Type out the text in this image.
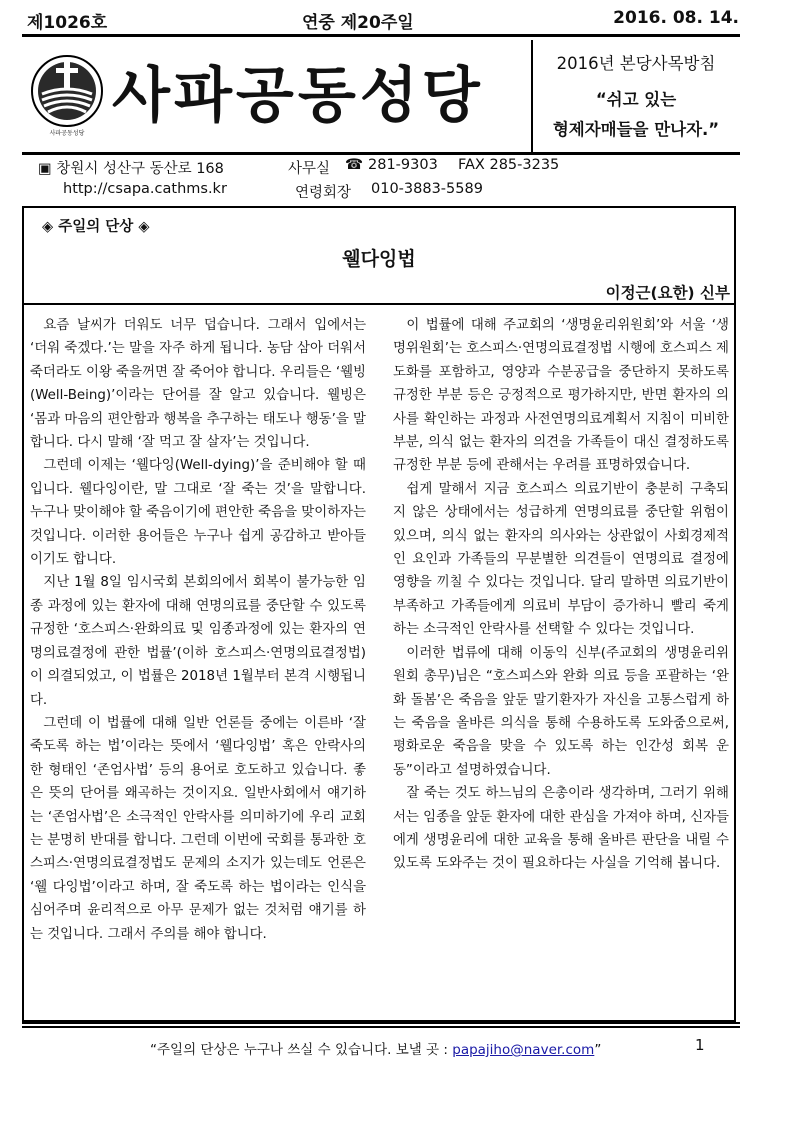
제1026호	연중 제20주일	2016. 08. 14.
사파공동성당
사파공동성당	2016년 본당사목방침
“쉬고 있는
형제자매들을 만나자.”
▣ 창원시 성산구 동산로 168	사무실 ☎ 281-9303 FAX 285-3235
http://csapa.cathms.kr	연령회장 010-3883-5589
◈ 주일의 단상 ◈
웰다잉법
이정근(요한) 신부

요즘 날씨가 더워도 너무 덥습니다. 그래서 입에서는 ‘더워 죽겠다.’는 말을 자주 하게 됩니다. 농담 삼아 더워서 죽더라도 이왕 죽을꺼면 잘 죽어야 합니다. 우리들은 ‘웰빙(Well-Being)’이라는 단어를 잘 알고 있습니다. 웰빙은 ‘몸과 마음의 편안함과 행복을 추구하는 태도나 행동’을 말합니다. 다시 말해 ‘잘 먹고 잘 살자’는 것입니다.

그런데 이제는 ‘웰다잉(Well-dying)’을 준비해야 할 때입니다. 웰다잉이란, 말 그대로 ‘잘 죽는 것’을 말합니다. 누구나 맞이해야 할 죽음이기에 편안한 죽음을 맞이하자는 것입니다. 이러한 용어들은 누구나 쉽게 공감하고 받아들이기도 합니다.

지난 1월 8일 임시국회 본회의에서 회복이 불가능한 임종 과정에 있는 환자에 대해 연명의료를 중단할 수 있도록 규정한 ‘호스피스·완화의료 및 임종과정에 있는 환자의 연명의료결정에 관한 법률’(이하 호스피스·연명의료결정법)이 의결되었고, 이 법률은 2018년 1월부터 본격 시행됩니다.

그런데 이 법률에 대해 일반 언론들 중에는 이른바 ‘잘 죽도록 하는 법’이라는 뜻에서 ‘웰다잉법’ 혹은 안락사의 한 형태인 ‘존엄사법’ 등의 용어로 호도하고 있습니다. 좋은 뜻의 단어를 왜곡하는 것이지요. 일반사회에서 얘기하는 ‘존엄사법’은 소극적인 안락사를 의미하기에 우리 교회는 분명히 반대를 합니다. 그런데 이번에 국회를 통과한 호스피스·연명의료결정법도 문제의 소지가 있는데도 언론은 ‘웰 다잉법’이라고 하며, 잘 죽도록 하는 법이라는 인식을 심어주며 윤리적으로 아무 문제가 없는 것처럼 얘기를 하는 것입니다. 그래서 주의를 해야 합니다.

이 법률에 대해 주교회의 ‘생명윤리위원회’와 서울 ‘생명위원회’는 호스피스·연명의료결정법 시행에 호스피스 제도화를 포함하고, 영양과 수분공급을 중단하지 못하도록 규정한 부분 등은 긍정적으로 평가하지만, 반면 환자의 의사를 확인하는 과정과 사전연명의료계획서 지침이 미비한 부분, 의식 없는 환자의 의견을 가족들이 대신 결정하도록 규정한 부분 등에 관해서는 우려를 표명하였습니다.

쉽게 말해서 지금 호스피스 의료기반이 충분히 구축되지 않은 상태에서는 성급하게 연명의료를 중단할 위험이 있으며, 의식 없는 환자의 의사와는 상관없이 사회경제적인 요인과 가족들의 무분별한 의견들이 연명의료 결정에 영향을 끼칠 수 있다는 것입니다. 달리 말하면 의료기반이 부족하고 가족들에게 의료비 부담이 증가하니 빨리 죽게 하는 소극적인 안락사를 선택할 수 있다는 것입니다.

이러한 법류에 대해 이동익 신부(주교회의 생명윤리위원회 총무)님은 “호스피스와 완화 의료 등을 포괄하는 ‘완화 돌봄’은 죽음을 앞둔 말기환자가 자신을 고통스럽게 하는 죽음을 올바른 의식을 통해 수용하도록 도와줌으로써, 평화로운 죽음을 맞을 수 있도록 하는 인간성 회복 운동”이라고 설명하였습니다.

잘 죽는 것도 하느님의 은총이라 생각하며, 그러기 위해서는 임종을 앞둔 환자에 대한 관심을 가져야 하며, 신자들에게 생명윤리에 대한 교육을 통해 올바른 판단을 내릴 수 있도록 도와주는 것이 필요하다는 사실을 기억해 봅니다.

“주일의 단상은 누구나 쓰실 수 있습니다. 보낼 곳 : papajiho@naver.com”	1
